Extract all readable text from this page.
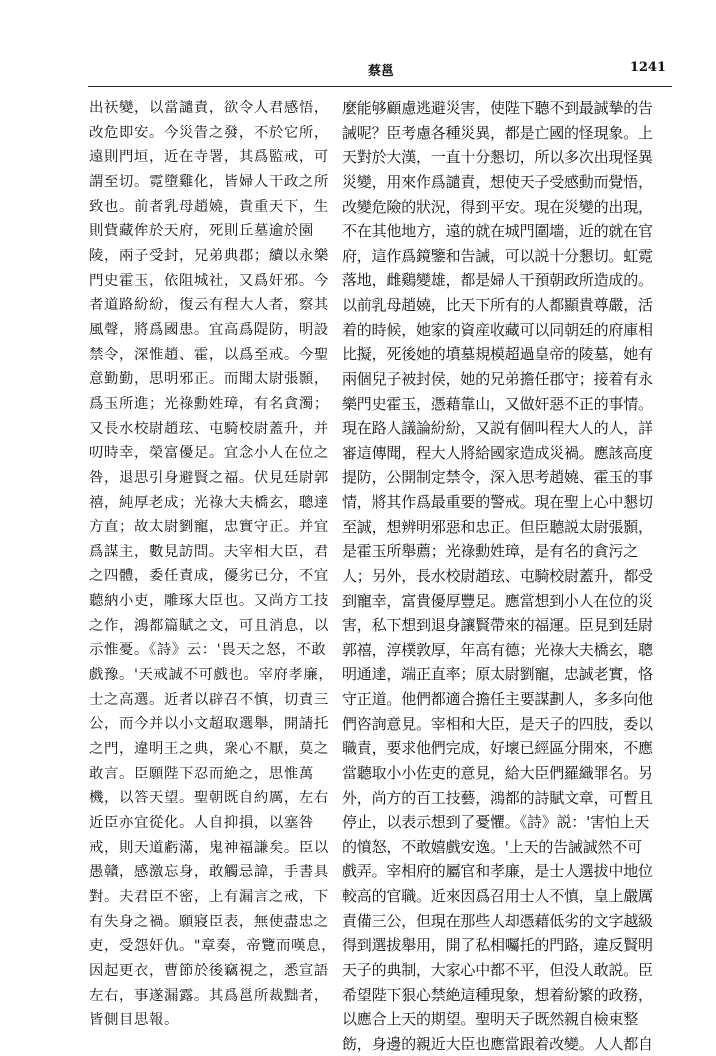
蔡邕	1241

出祆變，以當譴責，欲令人君感悟，

改危即安。今災眚之發，不於它所，

遠則門垣，近在寺署，其爲監戒，可

謂至切。霓墮雞化，皆婦人干政之所

致也。前者乳母趙嬈，貴重天下，生

則貲藏侔於天府，死則丘墓逾於園

陵，兩子受封，兄弟典郡；續以永樂

門史霍玉，依阻城社，又爲奸邪。今

者道路紛紛，復云有程大人者，察其

風聲，將爲國患。宜高爲隄防，明設

禁令，深惟趙、霍，以爲至戒。今聖

意勤勤，思明邪正。而聞太尉張顥，

爲玉所進；光祿勳姓璋，有名貪濁；

又長水校尉趙玹、屯騎校尉蓋升，并

叨時幸，榮富優足。宜念小人在位之

咎，退思引身避賢之福。伏見廷尉郭

禧，純厚老成；光祿大夫橋玄，聰達

方直；故太尉劉寵，忠實守正。并宜

爲謀主，數見訪問。夫宰相大臣，君

之四體，委任責成，優劣已分，不宜

聽納小吏，雕琢大臣也。又尚方工技

之作，鴻都篇賦之文，可且消息，以

示惟憂。《詩》云：'畏天之怒，不敢

戲豫。'天戒誠不可戲也。宰府孝廉，

士之高選。近者以辟召不慎，切責三

公，而今并以小文超取選舉，開請托

之門，違明王之典，衆心不厭，莫之

敢言。臣願陛下忍而絶之，思惟萬

機，以答天望。聖朝既自約厲，左右

近臣亦宜從化。人自抑損，以塞咎

戒，則天道虧滿，鬼神福謙矣。臣以

愚贛，感激忘身，敢觸忌諱，手書具

對。夫君臣不密，上有漏言之戒，下

有失身之禍。願寢臣表，無使盡忠之

吏，受怨奸仇。"章奏，帝覽而嘆息，

因起更衣，曹節於後竊視之，悉宣語

左右，事遂漏露。其爲邕所裁黜者，

皆側目思報。

麼能够顧慮逃避災害，使陛下聽不到最誠摯的告

誡呢？臣考慮各種災異，都是亡國的怪現象。上

天對於大漢，一直十分懇切，所以多次出現怪異

災變，用來作爲譴責，想使天子受感動而覺悟，

改變危險的狀況，得到平安。現在災變的出現，

不在其他地方，遠的就在城門圍墻，近的就在官

府，這作爲鏡鑒和告誡，可以説十分懇切。虹霓

落地，雌鷄變雄，都是婦人干預朝政所造成的。

以前乳母趙嬈，比天下所有的人都顯貴尊嚴，活

着的時候，她家的資産收藏可以同朝廷的府庫相

比擬，死後她的墳墓規模超過皇帝的陵墓，她有

兩個兒子被封侯，她的兄弟擔任郡守；接着有永

樂門史霍玉，憑藉靠山，又做奸惡不正的事情。

現在路人議論紛紛，又説有個叫程大人的人，詳

審這傳聞，程大人將給國家造成災禍。應該高度

提防，公開制定禁令，深入思考趙嬈、霍玉的事

情，將其作爲最重要的警戒。現在聖上心中懇切

至誠，想辨明邪惡和忠正。但臣聽説太尉張顥，

是霍玉所舉薦；光祿勳姓璋，是有名的貪污之

人；另外，長水校尉趙玹、屯騎校尉蓋升，都受

到寵幸，富貴優厚豐足。應當想到小人在位的災

害，私下想到退身讓賢帶來的福運。臣見到廷尉

郭禧，淳樸敦厚，年高有德；光祿大夫橋玄，聰

明通達，端正直率；原太尉劉寵，忠誠老實，恪

守正道。他們都適合擔任主要謀劃人，多多向他

們咨詢意見。宰相和大臣，是天子的四肢，委以

職責，要求他們完成，好壞已經區分開來，不應

當聽取小小佐吏的意見，給大臣們羅織罪名。另

外，尚方的百工技藝，鴻都的詩賦文章，可暫且

停止，以表示想到了憂懼。《詩》説：'害怕上天

的憤怒，不敢嬉戲安逸。'上天的告誡誠然不可

戲弄。宰相府的屬官和孝廉，是士人選拔中地位

較高的官職。近來因爲召用士人不慎，皇上嚴厲

責備三公，但現在那些人却憑藉低劣的文字越級

得到選拔舉用，開了私相囑托的門路，違反賢明

天子的典制，大家心中都不平，但没人敢説。臣

希望陛下狠心禁絶這種現象，想着紛繁的政務，

以應合上天的期望。聖明天子既然親自檢束整

飭，身邊的親近大臣也應當跟着改變。人人都自
